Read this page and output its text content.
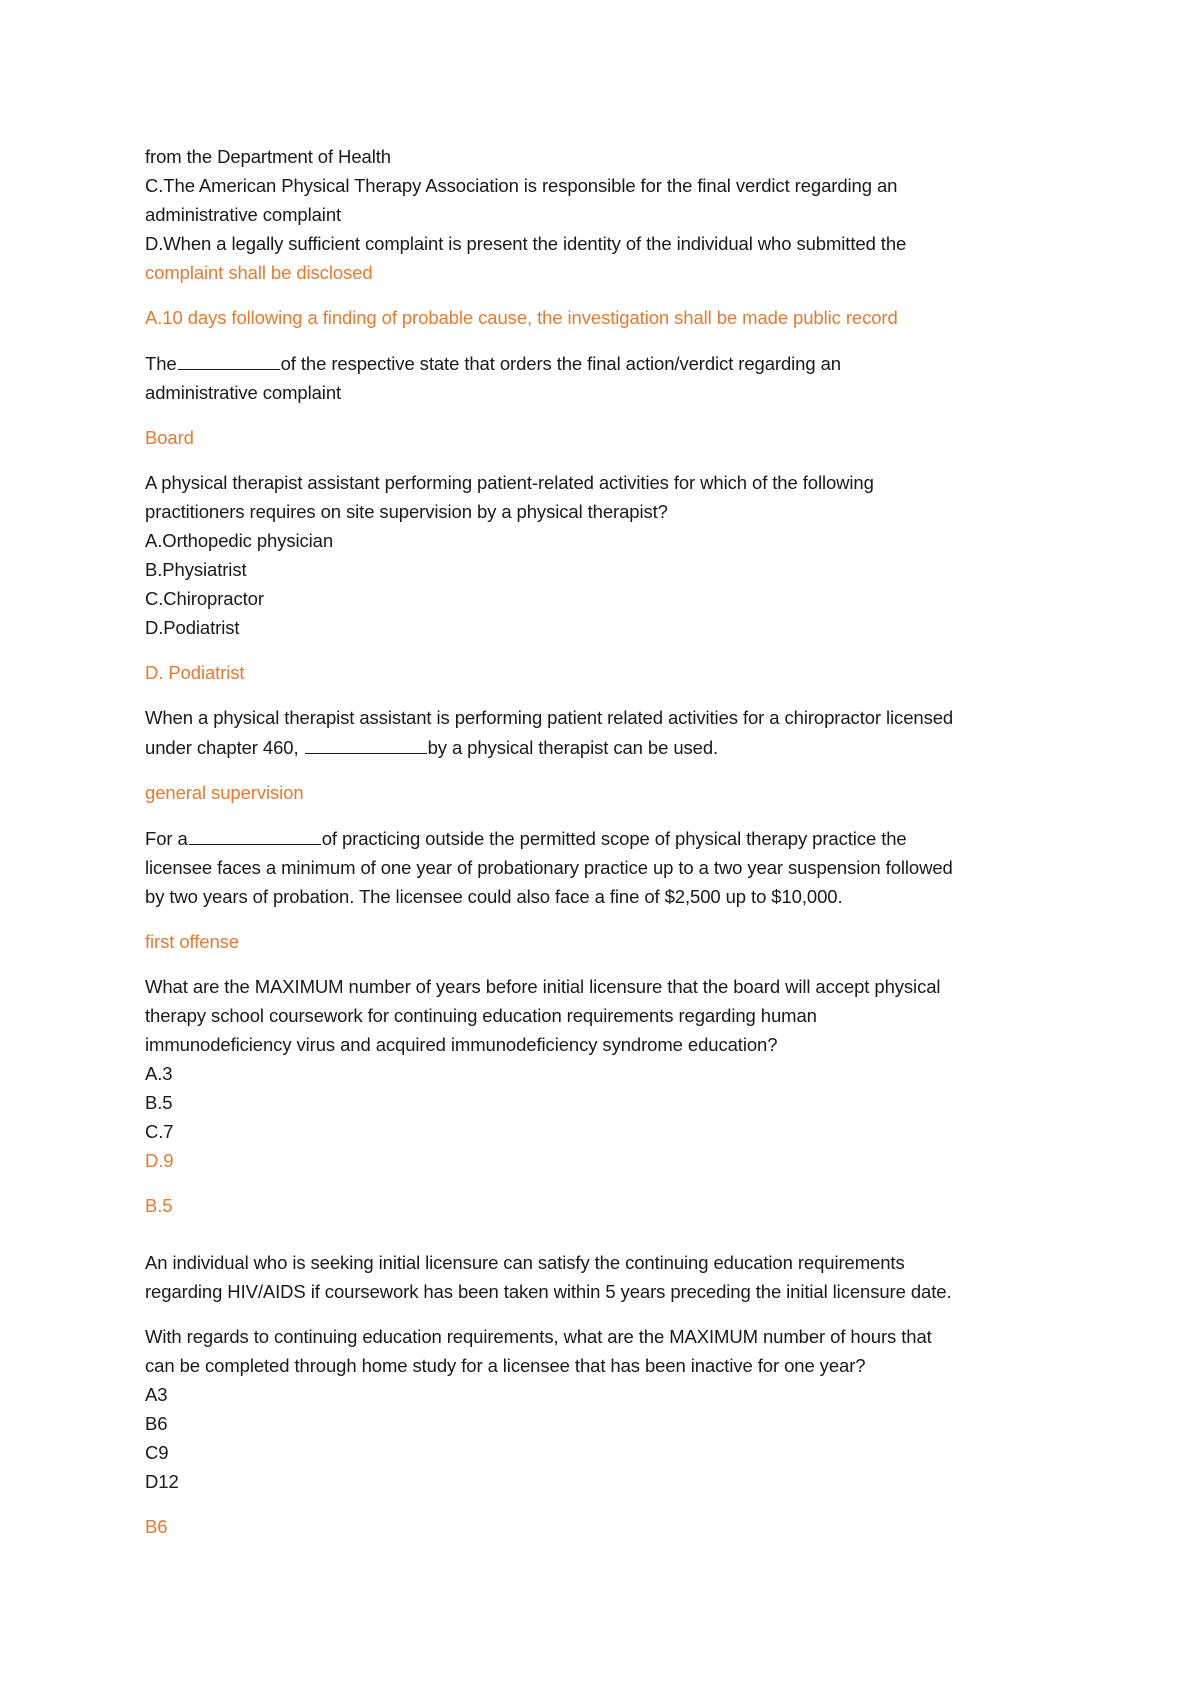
from the Department of Health
C.The American Physical Therapy Association is responsible for the final verdict regarding an
administrative complaint
D.When a legally sufficient complaint is present the identity of the individual who submitted the
complaint shall be disclosed
A.10 days following a finding of probable cause, the investigation shall be made public record
The	of the respective state that orders the final action/verdict regarding an
administrative complaint
Board
A physical therapist assistant performing patient-related activities for which of the following
practitioners requires on site supervision by a physical therapist?
A.Orthopedic physician
B.Physiatrist
C.Chiropractor
D.Podiatrist
D. Podiatrist
When a physical therapist assistant is performing patient related activities for a chiropractor licensed
under chapter 460,	by a physical therapist can be used.
general supervision
For a	of practicing outside the permitted scope of physical therapy practice the
licensee faces a minimum of one year of probationary practice up to a two year suspension followed
by two years of probation. The licensee could also face a fine of $2,500 up to $10,000.
first offense
What are the MAXIMUM number of years before initial licensure that the board will accept physical
therapy school coursework for continuing education requirements regarding human
immunodeficiency virus and acquired immunodeficiency syndrome education?
A.3
B.5
C.7
D.9
B.5
An individual who is seeking initial licensure can satisfy the continuing education requirements
regarding HIV/AIDS if coursework has been taken within 5 years preceding the initial licensure date.
With regards to continuing education requirements, what are the MAXIMUM number of hours that
can be completed through home study for a licensee that has been inactive for one year?
A3
B6
C9
D12
B6
